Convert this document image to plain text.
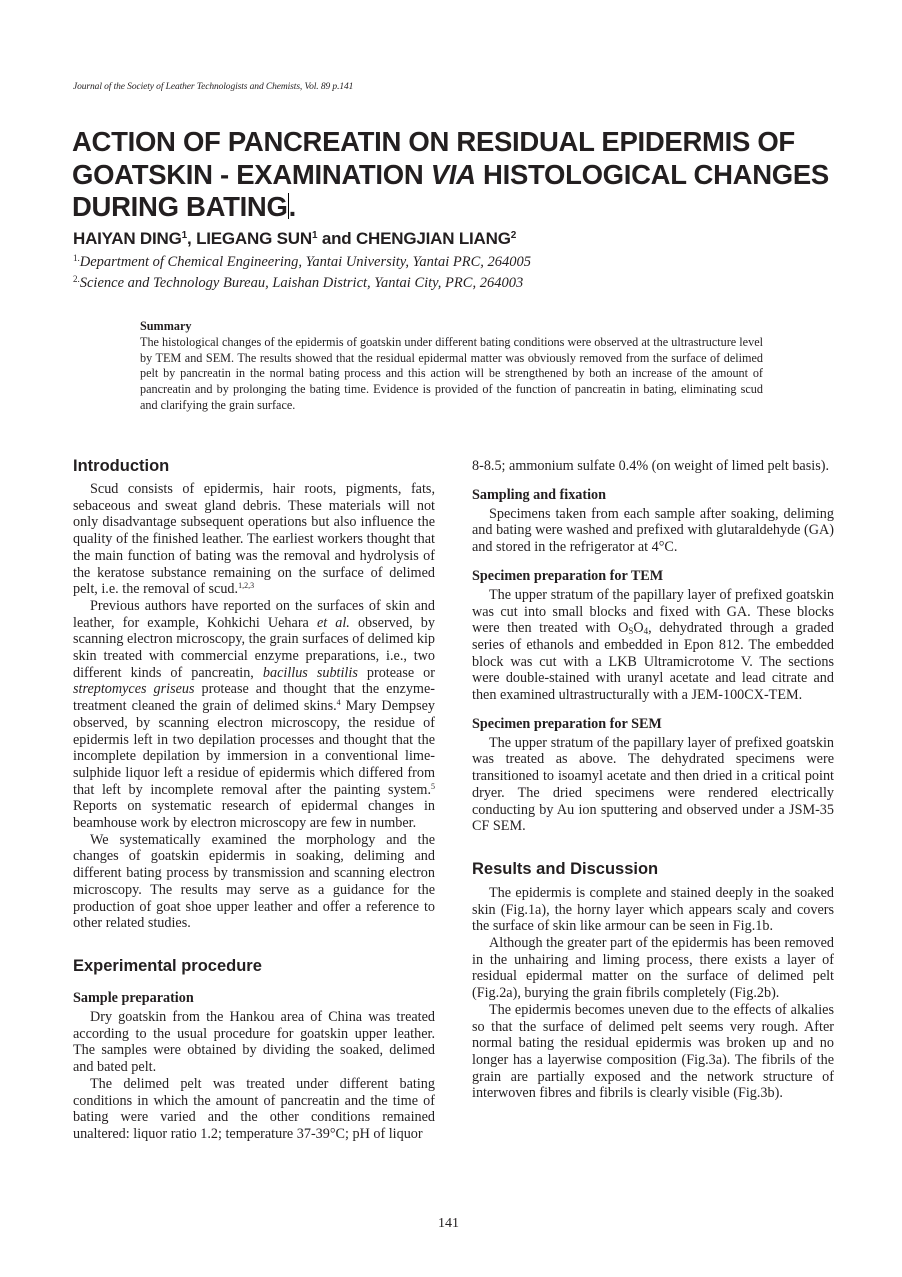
Journal of the Society of Leather Technologists and Chemists, Vol. 89 p.141
ACTION OF PANCREATIN ON RESIDUAL EPIDERMIS OF GOATSKIN - EXAMINATION VIA HISTOLOGICAL CHANGES DURING BATING.
HAIYAN DING$^1$, LIEGANG SUN$^1$ and CHENGJIAN LIANG$^2$
$^{1.}$Department of Chemical Engineering, Yantai University, Yantai PRC, 264005
$^{2.}$Science and Technology Bureau, Laishan District, Yantai City, PRC, 264003
Summary
The histological changes of the epidermis of goatskin under different bating conditions were observed at the ultrastructure level by TEM and SEM. The results showed that the residual epidermal matter was obviously removed from the surface of delimed pelt by pancreatin in the normal bating process and this action will be strengthened by both an increase of the amount of pancreatin and by prolonging the bating time. Evidence is provided of the function of pancreatin in bating, eliminating scud and clarifying the grain surface.
Introduction

Scud consists of epidermis, hair roots, pigments, fats, sebaceous and sweat gland debris. These materials will not only disadvantage subsequent operations but also influence the quality of the finished leather. The earliest workers thought that the main function of bating was the removal and hydrolysis of the keratose substance remaining on the surface of delimed pelt, i.e. the removal of scud.$^{1,2,3}$

Previous authors have reported on the surfaces of skin and leather, for example, Kohkichi Uehara et al. observed, by scanning electron microscopy, the grain surfaces of delimed kip skin treated with commercial enzyme preparations, i.e., two different kinds of pancreatin, bacillus subtilis protease or streptomyces griseus protease and thought that the enzyme-treatment cleaned the grain of delimed skins.$^4$ Mary Dempsey observed, by scanning electron microscopy, the residue of epidermis left in two depilation processes and thought that the incomplete depilation by immersion in a conventional lime-sulphide liquor left a residue of epidermis which differed from that left by incomplete removal after the painting system.$^5$ Reports on systematic research of epidermal changes in beamhouse work by electron microscopy are few in number.

We systematically examined the morphology and the changes of goatskin epidermis in soaking, deliming and different bating process by transmission and scanning electron microscopy. The results may serve as a guidance for the production of goat shoe upper leather and offer a reference to other related studies.

Experimental procedure
Sample preparation

Dry goatskin from the Hankou area of China was treated according to the usual procedure for goatskin upper leather. The samples were obtained by dividing the soaked, delimed and bated pelt.

The delimed pelt was treated under different bating conditions in which the amount of pancreatin and the time of bating were varied and the other conditions remained unaltered: liquor ratio 1.2; temperature 37-39°C; pH of liquor

8-8.5; ammonium sulfate 0.4% (on weight of limed pelt basis).

Sampling and fixation

Specimens taken from each sample after soaking, deliming and bating were washed and prefixed with glutaraldehyde (GA) and stored in the refrigerator at 4°C.

Specimen preparation for TEM

The upper stratum of the papillary layer of prefixed goatskin was cut into small blocks and fixed with GA. These blocks were then treated with $O_SO_4$, dehydrated through a graded series of ethanols and embedded in Epon 812. The embedded block was cut with a LKB Ultramicrotome V. The sections were double-stained with uranyl acetate and lead citrate and then examined ultrastructurally with a JEM-100CX-TEM.

Specimen preparation for SEM

The upper stratum of the papillary layer of prefixed goatskin was treated as above. The dehydrated specimens were transitioned to isoamyl acetate and then dried in a critical point dryer. The dried specimens were rendered electrically conducting by Au ion sputtering and observed under a JSM-35 CF SEM.

Results and Discussion

The epidermis is complete and stained deeply in the soaked skin (Fig.1a), the horny layer which appears scaly and covers the surface of skin like armour can be seen in Fig.1b.

Although the greater part of the epidermis has been removed in the unhairing and liming process, there exists a layer of residual epidermal matter on the surface of delimed pelt (Fig.2a), burying the grain fibrils completely (Fig.2b).

The epidermis becomes uneven due to the effects of alkalies so that the surface of delimed pelt seems very rough. After normal bating the residual epidermis was broken up and no longer has a layerwise composition (Fig.3a). The fibrils of the grain are partially exposed and the network structure of interwoven fibres and fibrils is clearly visible (Fig.3b).

141
